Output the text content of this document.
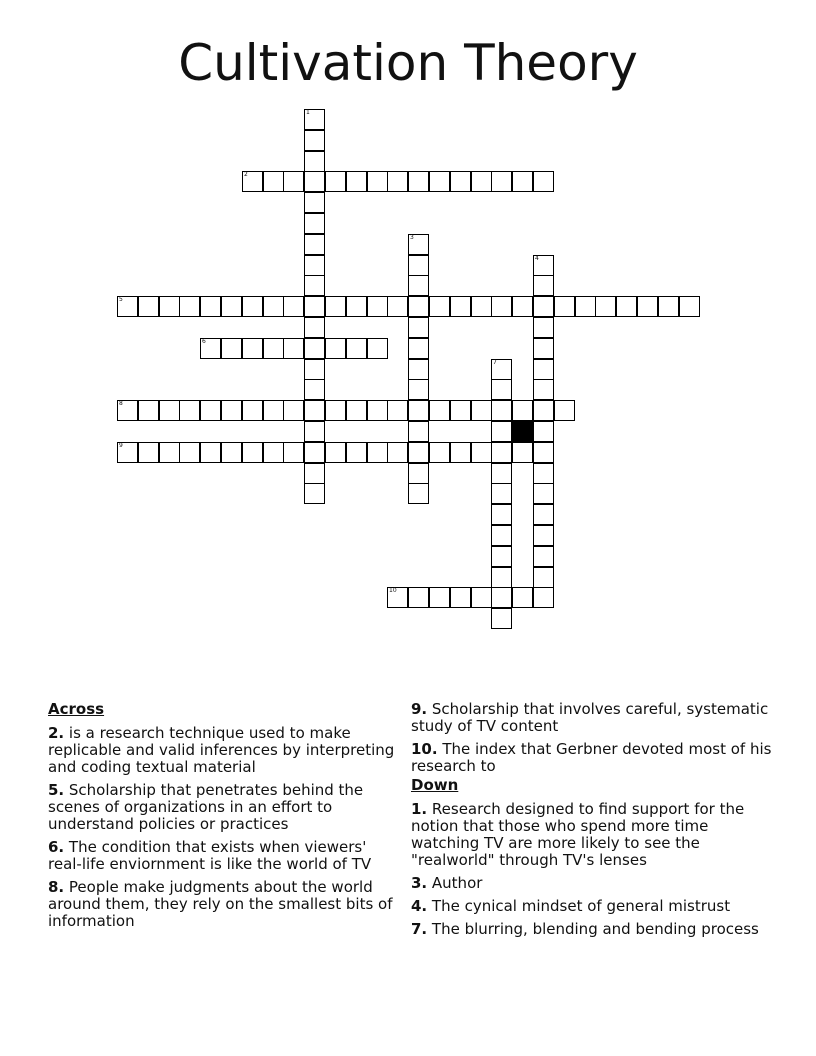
Cultivation Theory
2
5
6
8
9
10
1
3
4
7
Across
2. is a research technique used to make replicable and valid inferences by interpreting and coding textual material
5. Scholarship that penetrates behind the scenes of organizations in an effort to understand policies or practices
6. The condition that exists when viewers' real-life enviornment is like the world of TV
8. People make judgments about the world around them, they rely on the smallest bits of information
9. Scholarship that involves careful, systematic study of TV content
10. The index that Gerbner devoted most of his research to
Down
1. Research designed to find support for the notion that those who spend more time watching TV are more likely to see the "realworld" through TV's lenses
3. Author
4. The cynical mindset of general mistrust
7. The blurring, blending and bending process
